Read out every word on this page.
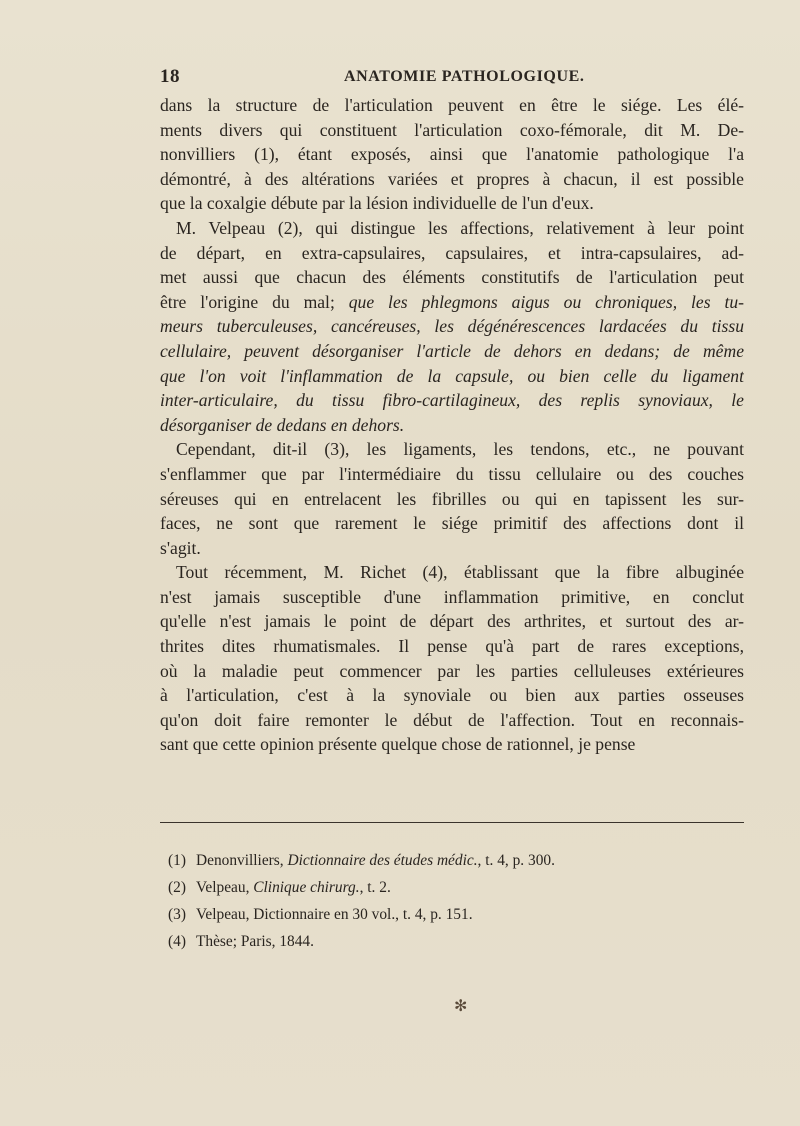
18	ANATOMIE PATHOLOGIQUE.
dans la structure de l'articulation peuvent en être le siége. Les élé-
ments divers qui constituent l'articulation coxo-fémorale, dit M. De-
nonvilliers (1), étant exposés, ainsi que l'anatomie pathologique l'a
démontré, à des altérations variées et propres à chacun, il est possible
que la coxalgie débute par la lésion individuelle de l'un d'eux.
M. Velpeau (2), qui distingue les affections, relativement à leur point
de départ, en extra-capsulaires, capsulaires, et intra-capsulaires, ad-
met aussi que chacun des éléments constitutifs de l'articulation peut
être l'origine du mal; que les phlegmons aigus ou chroniques, les tu-
meurs tuberculeuses, cancéreuses, les dégénérescences lardacées du tissu
cellulaire, peuvent désorganiser l'article de dehors en dedans; de même
que l'on voit l'inflammation de la capsule, ou bien celle du ligament
inter-articulaire, du tissu fibro-cartilagineux, des replis synoviaux, le
désorganiser de dedans en dehors.
Cependant, dit-il (3), les ligaments, les tendons, etc., ne pouvant
s'enflammer que par l'intermédiaire du tissu cellulaire ou des couches
séreuses qui en entrelacent les fibrilles ou qui en tapissent les sur-
faces, ne sont que rarement le siége primitif des affections dont il
s'agit.
Tout récemment, M. Richet (4), établissant que la fibre albuginée
n'est jamais susceptible d'une inflammation primitive, en conclut
qu'elle n'est jamais le point de départ des arthrites, et surtout des ar-
thrites dites rhumatismales. Il pense qu'à part de rares exceptions,
où la maladie peut commencer par les parties celluleuses extérieures
à l'articulation, c'est à la synoviale ou bien aux parties osseuses
qu'on doit faire remonter le début de l'affection. Tout en reconnais-
sant que cette opinion présente quelque chose de rationnel, je pense
(1) Denonvilliers, Dictionnaire des études médic., t. 4, p. 300.
(2) Velpeau, Clinique chirurg., t. 2.
(3) Velpeau, Dictionnaire en 30 vol., t. 4, p. 151.
(4) Thèse; Paris, 1844.
✻
